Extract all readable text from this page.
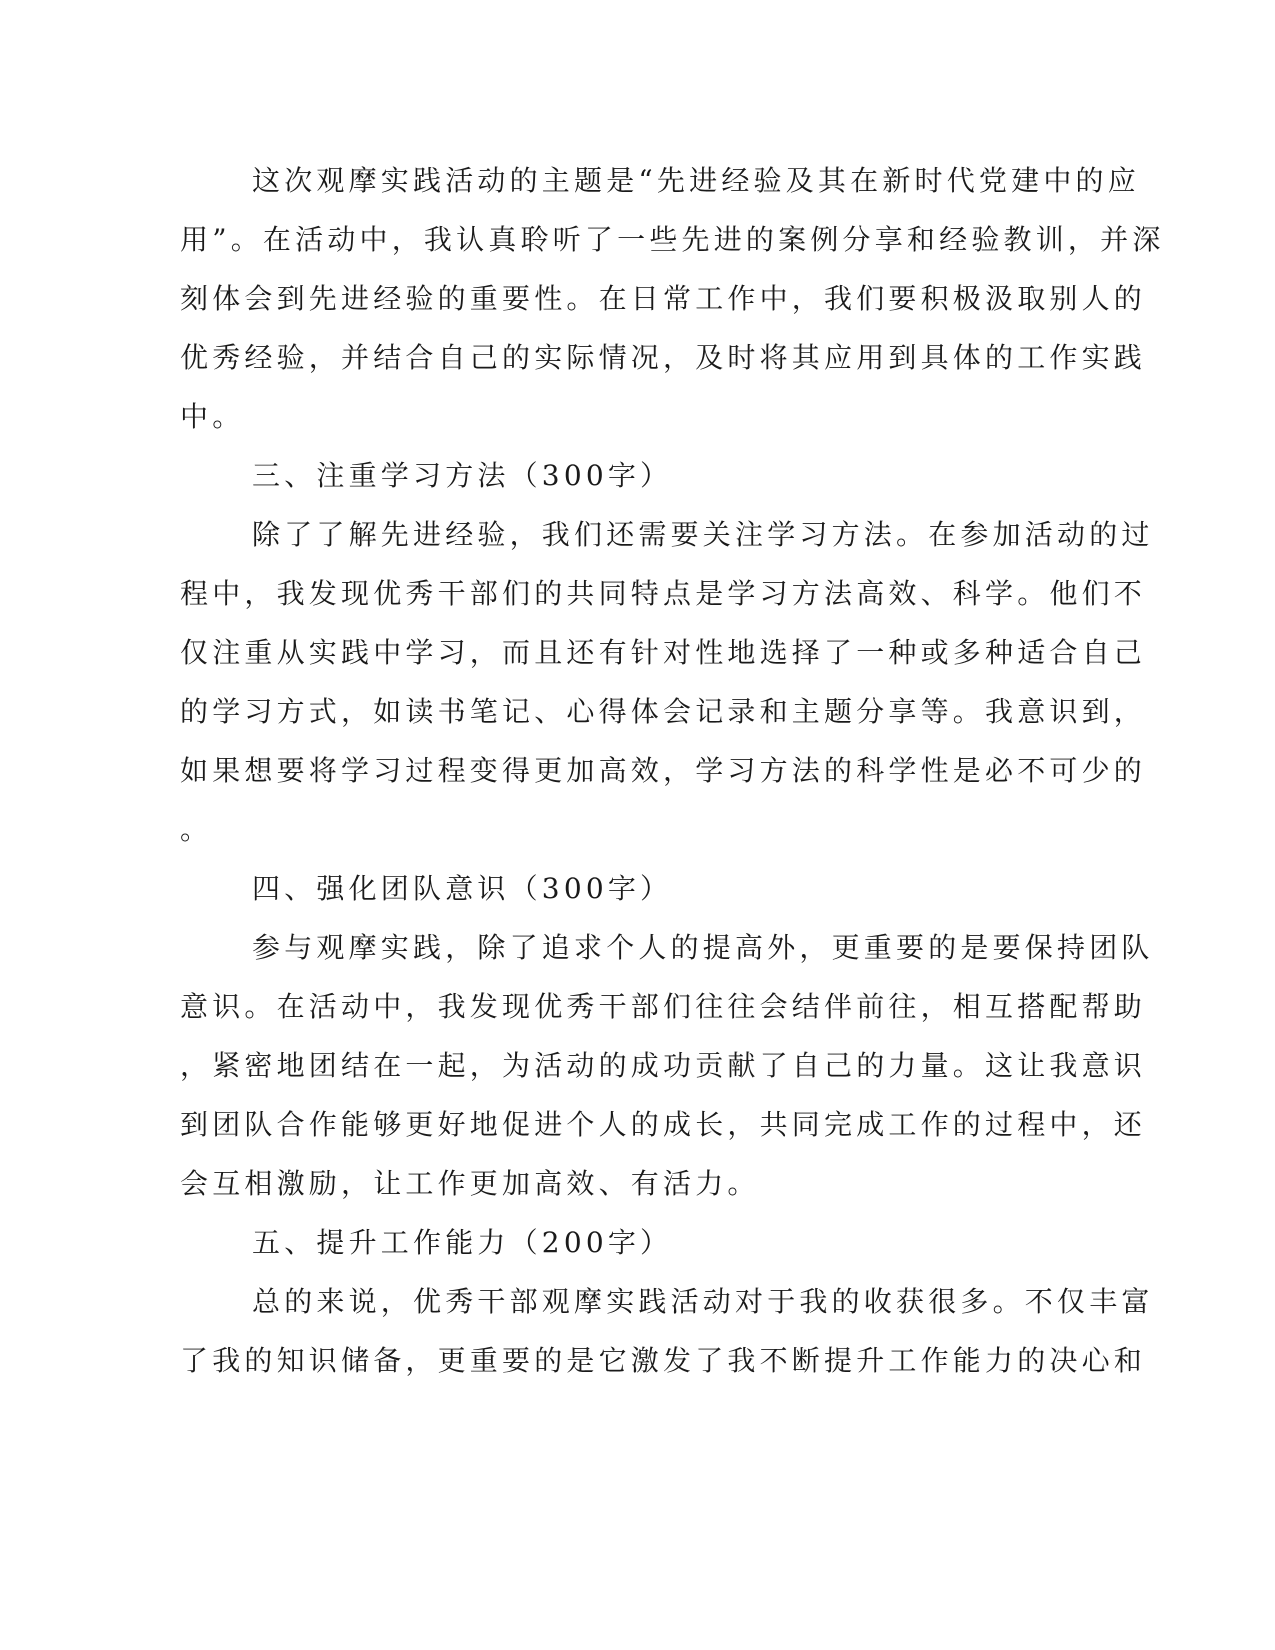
这次观摩实践活动的主题是“先进经验及其在新时代党建中的应
用”。在活动中，我认真聆听了一些先进的案例分享和经验教训，并深
刻体会到先进经验的重要性。在日常工作中，我们要积极汲取别人的
优秀经验，并结合自己的实际情况，及时将其应用到具体的工作实践
中。
三、注重学习方法（300字）
除了了解先进经验，我们还需要关注学习方法。在参加活动的过
程中，我发现优秀干部们的共同特点是学习方法高效、科学。他们不
仅注重从实践中学习，而且还有针对性地选择了一种或多种适合自己
的学习方式，如读书笔记、心得体会记录和主题分享等。我意识到，
如果想要将学习过程变得更加高效，学习方法的科学性是必不可少的
。
四、强化团队意识（300字）
参与观摩实践，除了追求个人的提高外，更重要的是要保持团队
意识。在活动中，我发现优秀干部们往往会结伴前往，相互搭配帮助
，紧密地团结在一起，为活动的成功贡献了自己的力量。这让我意识
到团队合作能够更好地促进个人的成长，共同完成工作的过程中，还
会互相激励，让工作更加高效、有活力。
五、提升工作能力（200字）
总的来说，优秀干部观摩实践活动对于我的收获很多。不仅丰富
了我的知识储备，更重要的是它激发了我不断提升工作能力的决心和
